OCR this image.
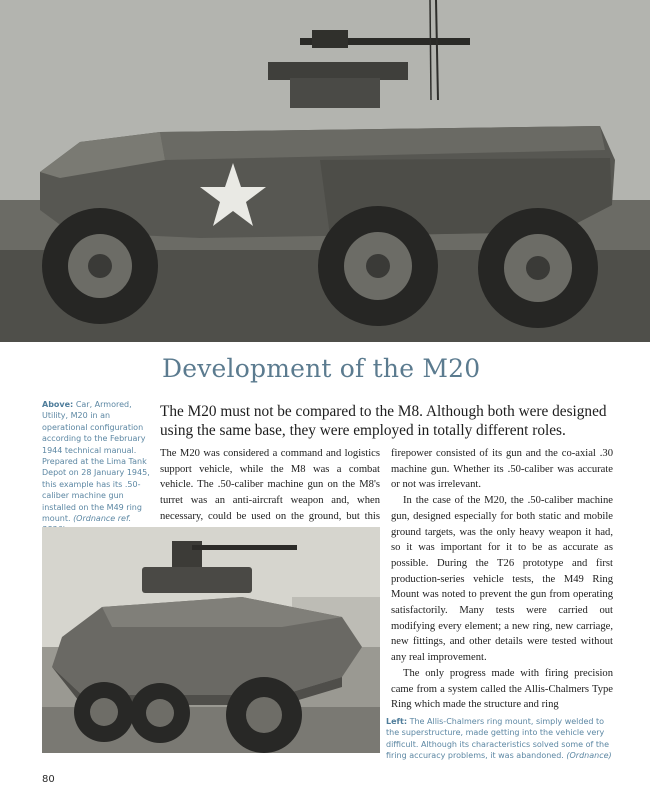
Development of the M20

Above: Car, Armored, Utility, M20 in an operational configuration according to the February 1944 technical manual. Prepared at the Lima Tank Depot on 28 January 1945, this example has its .50-caliber machine gun installed on the M49 ring mount. (Ordnance ref.

The M20 must not be compared to the M8. Although both were designed using the same base, they were employed in totally different roles.

The M20 was considered a command and logistics support vehicle, while the M8 was a combat vehicle. The .50-caliber machine gun on the M8's turret was an anti-aircraft weapon and, when necessary, could be used on the ground, but this

firepower consisted of its gun and the co-axial .30 machine gun. Whether its .50-caliber was accurate or not was irrelevant.

In the case of the M20, the .50-caliber machine gun, designed especially for both static and mobile ground targets, was the only heavy weapon it had, so it was important for it to be as accurate as possible. During the T26 prototype and first production-series vehicle tests, the M49 Ring Mount was noted to prevent the gun from operating satisfactorily. Many tests were carried out modifying every element; a new ring, new carriage, new fittings, and other details were tested without any real improvement.

The only progress made with firing precision came from a system called the Allis-Chalmers Type Ring which made the structure and ring

Left: The Allis-Chalmers ring mount, simply welded to the superstructure, made getting into the vehicle very difficult. Although its characteristics solved some of the firing accuracy problems, it was abandoned. (Ordnance)

80
